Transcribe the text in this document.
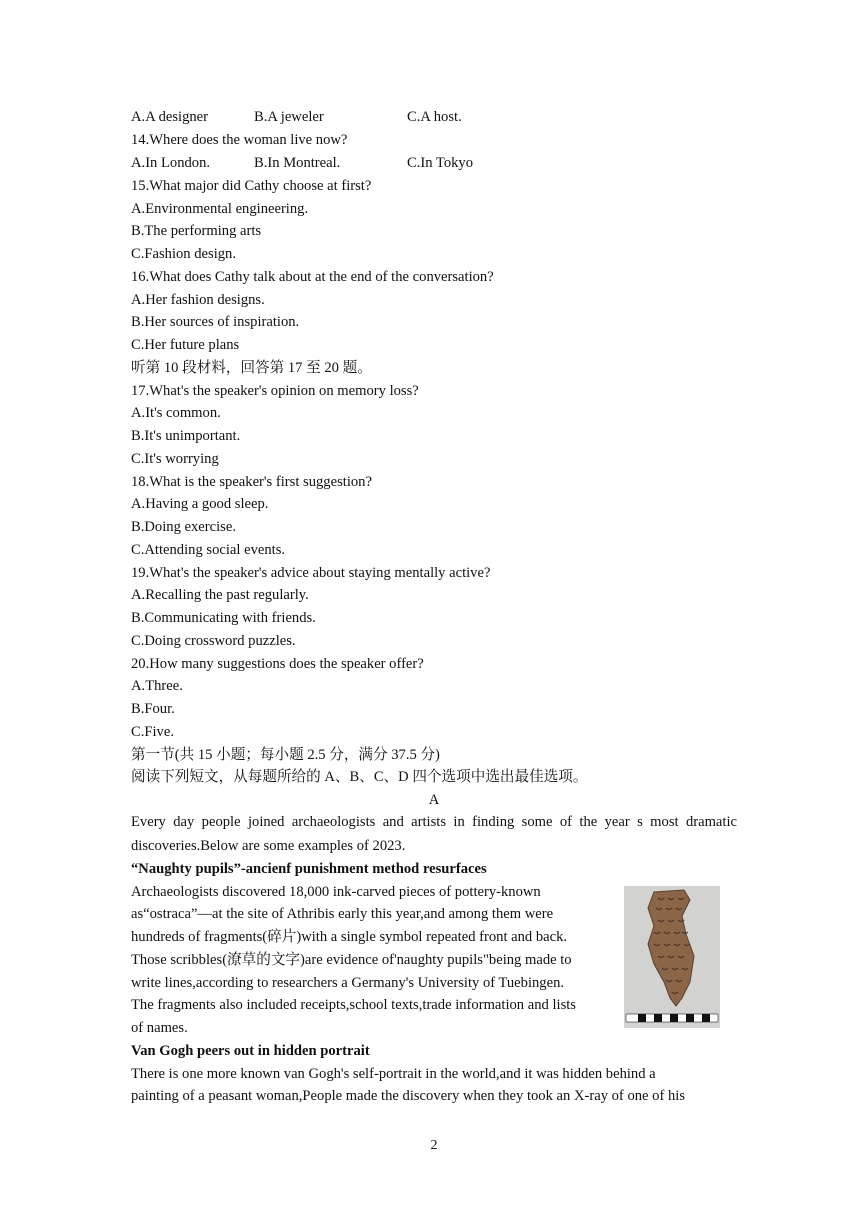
A.A designer	B.A jeweler	C.A host.
14.Where does the woman live now?
A.In London.	B.In Montreal.	C.In Tokyo
15.What major did Cathy choose at first?
A.Environmental engineering.
B.The performing arts
C.Fashion design.
16.What does Cathy talk about at the end of the conversation?
A.Her fashion designs.
B.Her sources of inspiration.
C.Her future plans
听第 10 段材料，回答第 17 至 20 题。
17.What's the speaker's opinion on memory loss?
A.It's common.
B.It's unimportant.
C.It's worrying
18.What is the speaker's first suggestion?
A.Having a good sleep.
B.Doing exercise.
C.Attending social events.
19.What's the speaker's advice about staying mentally active?
A.Recalling the past regularly.
B.Communicating with friends.
C.Doing crossword puzzles.
20.How many suggestions does the speaker offer?
A.Three.
B.Four.
C.Five.
第一节(共 15 小题；每小题 2.5 分，满分 37.5 分)
阅读下列短文，从每题所给的 A、B、C、D 四个选项中选出最佳选项。
A
Every day people joined archaeologists and artists in finding some of the year s most dramatic
discoveries.Below are some examples of 2023.
“Naughty pupils”-ancienf punishment method resurfaces
Archaeologists discovered 18,000 ink-carved pieces of pottery-known
as“ostraca”—at the site of Athribis early this year,and among them were
hundreds of fragments(碎片)with a single symbol repeated front and back.
Those scribbles(潦草的文字)are evidence of'naughty pupils"being made to
write lines,according to researchers a Germany's University of Tuebingen.
The fragments also included receipts,school texts,trade information and lists
of names.
Van Gogh peers out in hidden portrait
There is one more known van Gogh's self-portrait in the world,and it was hidden behind a
painting of a peasant woman,People made the discovery when they took an X-ray of one of his
2
